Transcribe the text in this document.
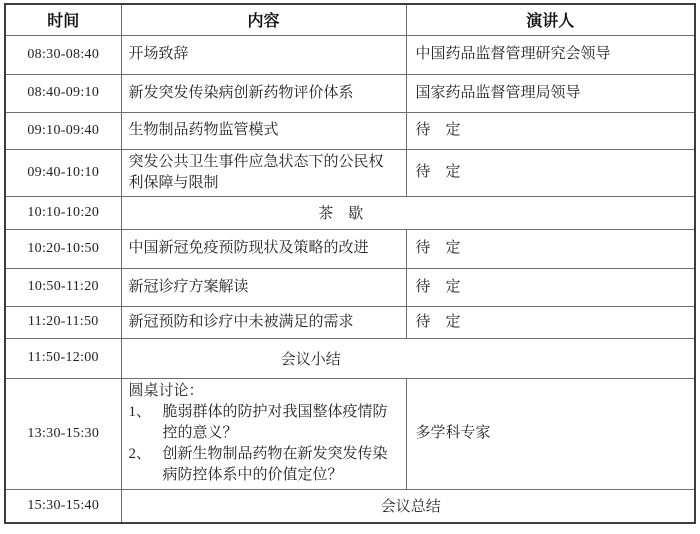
时间	内容	演讲人
08:30-08:40	开场致辞	中国药品监督管理研究会领导
08:40-09:10	新发突发传染病创新药物评价体系	国家药品监督管理局领导
09:10-09:40	生物制品药物监管模式	待　定
09:40-10:10	突发公共卫生事件应急状态下的公民权
利保障与限制	待　定
10:10-10:20	茶　歇	
10:20-10:50	中国新冠免疫预防现状及策略的改进	待　定
10:50-11:20	新冠诊疗方案解读	待　定
11:20-11:50	新冠预防和诊疗中未被满足的需求	待　定
11:50-12:00	会议小结	
13:30-15:30	圆桌讨论：
1、 脆弱群体的防护对我国整体疫情防
控的意义？
2、 创新生物制品药物在新发突发传染
病防控体系中的价值定位？	多学科专家
15:30-15:40	会议总结	
